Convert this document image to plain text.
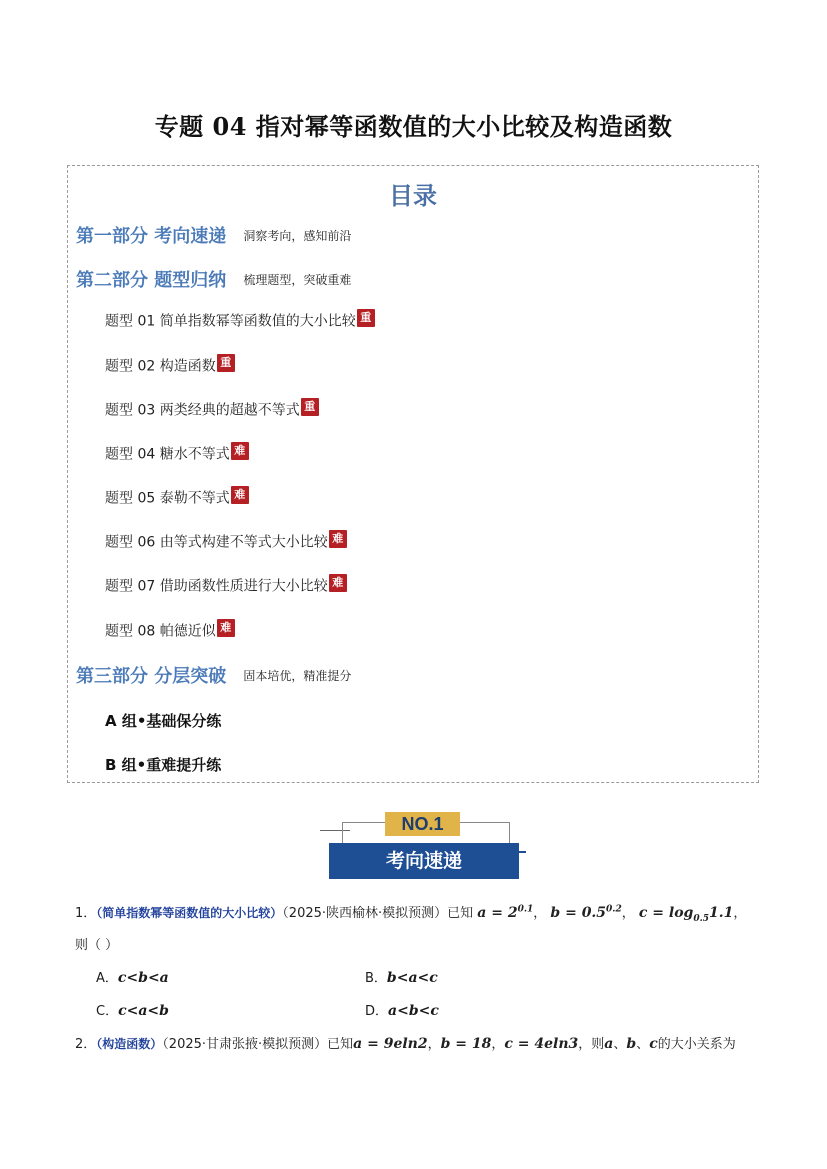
专题 04 指对幂等函数值的大小比较及构造函数
目录
第一部分 考向速递 洞察考向，感知前沿
第二部分 题型归纳 梳理题型，突破重难
题型 01 简单指数幂等函数值的大小比较 重
题型 02 构造函数 重
题型 03 两类经典的超越不等式 重
题型 04 糖水不等式 难
题型 05 泰勒不等式 难
题型 06 由等式构建不等式大小比较 难
题型 07 借助函数性质进行大小比较 难
题型 08 帕德近似 难
第三部分 分层突破 固本培优，精准提分
A 组•基础保分练
B 组•重难提升练
NO.1
考向速递
1．（简单指数幂等函数值的大小比较）（2025·陕西榆林·模拟预测）已知 $a = 2^{0.1}$， $b = 0.5^{0.2}$， $c = \log_{0.5}1.1$，
则（ ）
A．c<b<a	B．b<a<c
C．c<a<b	D．a<b<c
2．（构造函数）（2025·甘肃张掖·模拟预测）已知a = 9eln2，b = 18，c = 4eln3，则a、b、c的大小关系为
